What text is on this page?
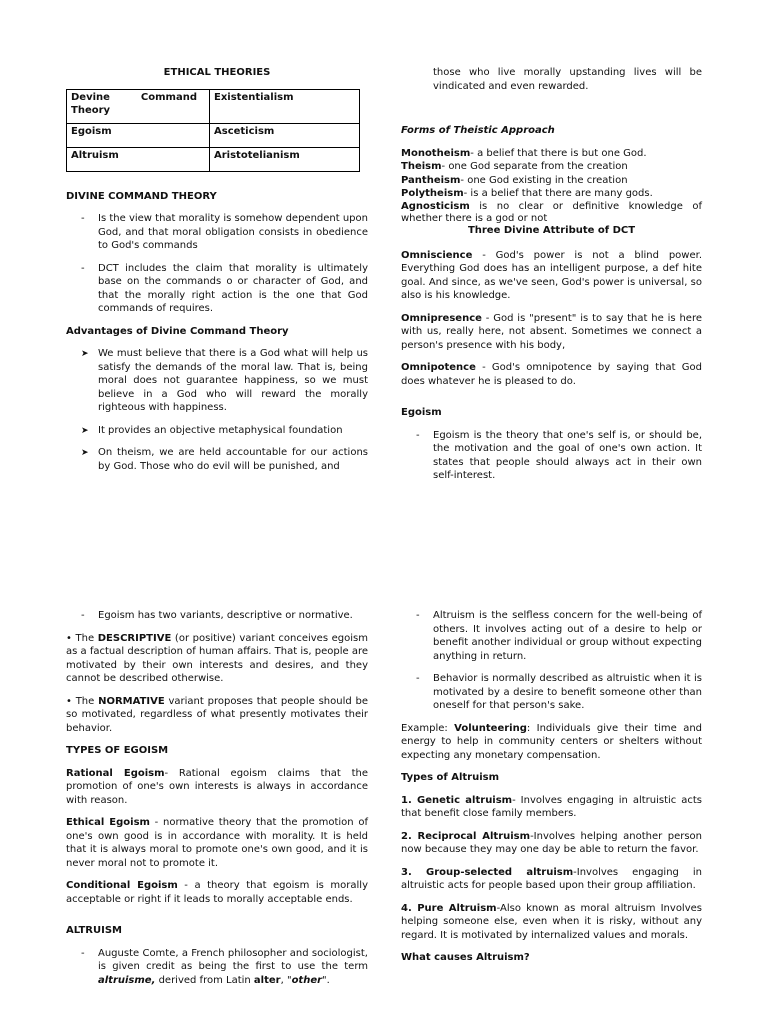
ETHICAL THEORIES

Devine Command
Theory	Existentialism
Egoism	Asceticism
Altruism	Aristotelianism

DIVINE COMMAND THEORY

- Is the view that morality is somehow dependent upon God, and that moral obligation consists in obedience to God's commands
- DCT includes the claim that morality is ultimately base on the commands o or character of God, and that the morally right action is the one that God commands of requires.

Advantages of Divine Command Theory

➤ We must believe that there is a God what will help us satisfy the demands of the moral law. That is, being moral does not guarantee happiness, so we must believe in a God who will reward the morally righteous with happiness.
➤ It provides an objective metaphysical foundation
➤ On theism, we are held accountable for our actions by God. Those who do evil will be punished, and

those who live morally upstanding lives will be vindicated and even rewarded.

Forms of Theistic Approach

Monotheism- a belief that there is but one God.

Theism- one God separate from the creation

Pantheism- one God existing in the creation

Polytheism- is a belief that there are many gods.

Agnosticism is no clear or definitive knowledge of whether there is a god or not

Three Divine Attribute of DCT

Omniscience - God's power is not a blind power. Everything God does has an intelligent purpose, a def hite goal. And since, as we've seen, God's power is universal, so also is his knowledge.

Omnipresence - God is "present" is to say that he is here with us, really here, not absent. Sometimes we connect a person's presence with his body,

Omnipotence - God's omnipotence by saying that God does whatever he is pleased to do.

Egoism

- Egoism is the theory that one's self is, or should be, the motivation and the goal of one's own action. It states that people should always act in their own self-interest.
- Egoism has two variants, descriptive or normative.

• The DESCRIPTIVE (or positive) variant conceives egoism as a factual description of human affairs. That is, people are motivated by their own interests and desires, and they cannot be described otherwise.

• The NORMATIVE variant proposes that people should be so motivated, regardless of what presently motivates their behavior.

TYPES OF EGOISM

Rational Egoism- Rational egoism claims that the promotion of one's own interests is always in accordance with reason.

Ethical Egoism - normative theory that the promotion of one's own good is in accordance with morality. It is held that it is always moral to promote one's own good, and it is never moral not to promote it.

Conditional Egoism - a theory that egoism is morally acceptable or right if it leads to morally acceptable ends.

ALTRUISM

- Auguste Comte, a French philosopher and sociologist, is given credit as being the first to use the term altruisme, derived from Latin alter, "other".
- Altruism is the selfless concern for the well-being of others. It involves acting out of a desire to help or benefit another individual or group without expecting anything in return.
- Behavior is normally described as altruistic when it is motivated by a desire to benefit someone other than oneself for that person's sake.

Example: Volunteering: Individuals give their time and energy to help in community centers or shelters without expecting any monetary compensation.

Types of Altruism

1. Genetic altruism- Involves engaging in altruistic acts that benefit close family members.

2. Reciprocal Altruism-Involves helping another person now because they may one day be able to return the favor.

3. Group-selected altruism-Involves engaging in altruistic acts for people based upon their group affiliation.

4. Pure Altruism-Also known as moral altruism Involves helping someone else, even when it is risky, without any regard. It is motivated by internalized values and morals.

What causes Altruism?
